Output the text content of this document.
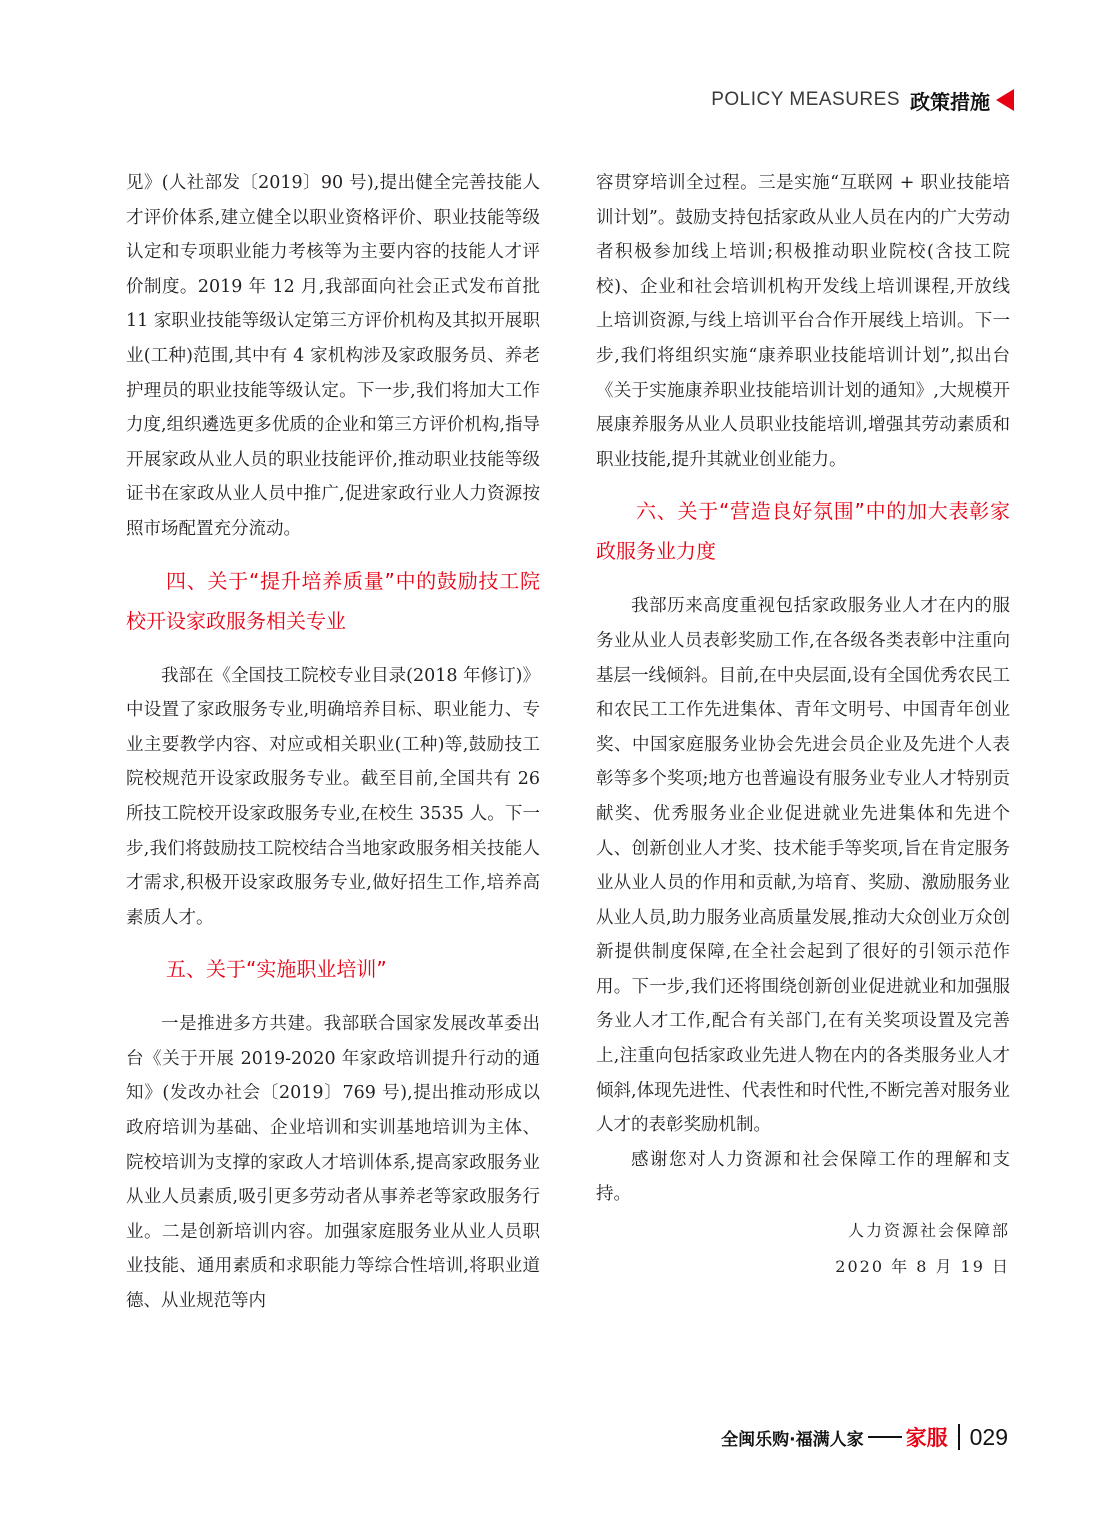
POLICY MEASURES 政策措施

见》(人社部发〔2019〕90 号),提出健全完善技能人才评价体系,建立健全以职业资格评价、职业技能等级认定和专项职业能力考核等为主要内容的技能人才评价制度。2019 年 12 月,我部面向社会正式发布首批 11 家职业技能等级认定第三方评价机构及其拟开展职业(工种)范围,其中有 4 家机构涉及家政服务员、养老护理员的职业技能等级认定。下一步,我们将加大工作力度,组织遴选更多优质的企业和第三方评价机构,指导开展家政从业人员的职业技能评价,推动职业技能等级证书在家政从业人员中推广,促进家政行业人力资源按照市场配置充分流动。

四、关于“提升培养质量”中的鼓励技工院校开设家政服务相关专业

我部在《全国技工院校专业目录(2018 年修订)》中设置了家政服务专业,明确培养目标、职业能力、专业主要教学内容、对应或相关职业(工种)等,鼓励技工院校规范开设家政服务专业。截至目前,全国共有 26 所技工院校开设家政服务专业,在校生 3535 人。下一步,我们将鼓励技工院校结合当地家政服务相关技能人才需求,积极开设家政服务专业,做好招生工作,培养高素质人才。

五、关于“实施职业培训”

一是推进多方共建。我部联合国家发展改革委出台《关于开展 2019-2020 年家政培训提升行动的通知》(发改办社会〔2019〕769 号),提出推动形成以政府培训为基础、企业培训和实训基地培训为主体、院校培训为支撑的家政人才培训体系,提高家政服务业从业人员素质,吸引更多劳动者从事养老等家政服务行业。二是创新培训内容。加强家庭服务业从业人员职业技能、通用素质和求职能力等综合性培训,将职业道德、从业规范等内

容贯穿培训全过程。三是实施“互联网 + 职业技能培训计划”。鼓励支持包括家政从业人员在内的广大劳动者积极参加线上培训;积极推动职业院校(含技工院校)、企业和社会培训机构开发线上培训课程,开放线上培训资源,与线上培训平台合作开展线上培训。下一步,我们将组织实施“康养职业技能培训计划”,拟出台《关于实施康养职业技能培训计划的通知》,大规模开展康养服务从业人员职业技能培训,增强其劳动素质和职业技能,提升其就业创业能力。

六、关于“营造良好氛围”中的加大表彰家政服务业力度

我部历来高度重视包括家政服务业人才在内的服务业从业人员表彰奖励工作,在各级各类表彰中注重向基层一线倾斜。目前,在中央层面,设有全国优秀农民工和农民工工作先进集体、青年文明号、中国青年创业奖、中国家庭服务业协会先进会员企业及先进个人表彰等多个奖项;地方也普遍设有服务业专业人才特别贡献奖、优秀服务业企业促进就业先进集体和先进个人、创新创业人才奖、技术能手等奖项,旨在肯定服务业从业人员的作用和贡献,为培育、奖励、激励服务业从业人员,助力服务业高质量发展,推动大众创业万众创新提供制度保障,在全社会起到了很好的引领示范作用。下一步,我们还将围绕创新创业促进就业和加强服务业人才工作,配合有关部门,在有关奖项设置及完善上,注重向包括家政业先进人物在内的各类服务业人才倾斜,体现先进性、代表性和时代性,不断完善对服务业人才的表彰奖励机制。

感谢您对人力资源和社会保障工作的理解和支持。

人力资源社会保障部
2020 年 8 月 19 日
全闽乐购·福满人家 家服 029
